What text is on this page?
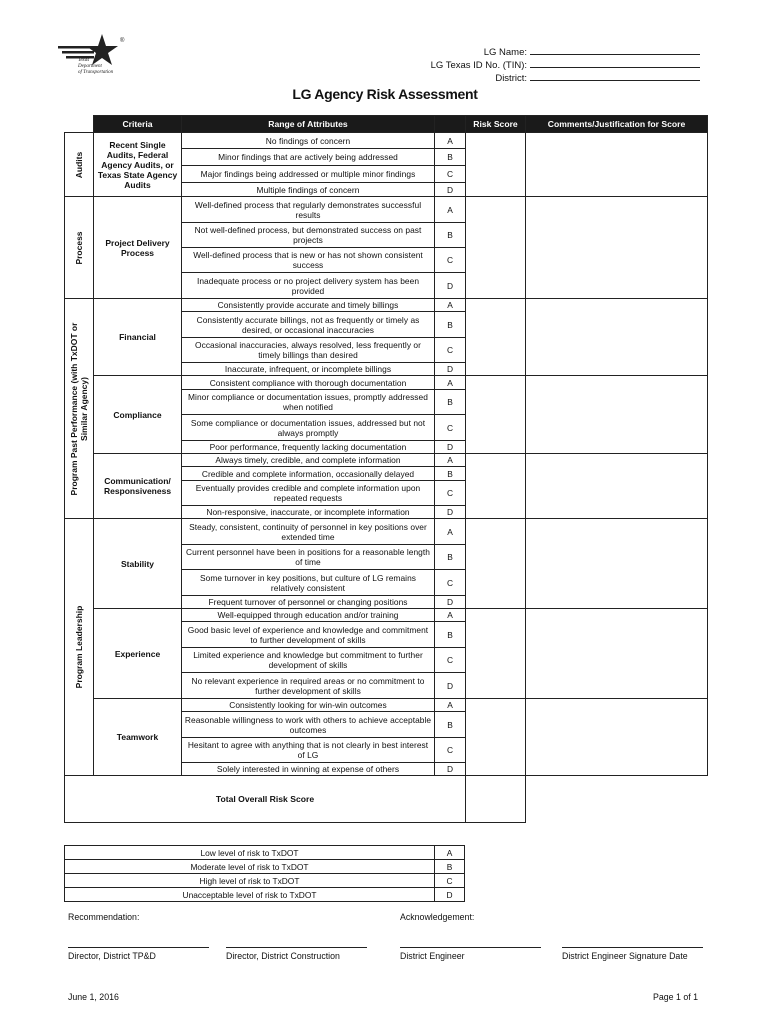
®
Texas
Department
of Transportation
LG Name:
LG Texas ID No. (TIN):
District:
LG Agency Risk Assessment
	Criteria	Range of Attributes		Risk Score	Comments/Justification for Score

Audits	Recent Single Audits, Federal Agency Audits, or Texas State Agency Audits	No findings of concern	A		
		Minor findings that are actively being addressed	B		
		Major findings being addressed or multiple minor findings	C		
		Multiple findings of concern	D		

Process	Project Delivery Process	Well-defined process that regularly demonstrates successful results	A		
		Not well-defined process, but demonstrated success on past projects	B		
		Well-defined process that is new or has not shown consistent success	C		
		Inadequate process or no project delivery system has been provided	D		

Program Past Performance (with TxDOT or Similar Agency)	Financial	Consistently provide accurate and timely billings	A		
		Consistently accurate billings, not as frequently or timely as desired, or occasional inaccuracies	B		
		Occasional inaccuracies, always resolved, less frequently or timely billings than desired	C		
		Inaccurate, infrequent, or incomplete billings	D		
	Compliance	Consistent compliance with thorough documentation	A		
		Minor compliance or documentation issues, promptly addressed when notified	B		
		Some compliance or documentation issues, addressed but not always promptly	C		
		Poor performance, frequently lacking documentation	D		
	Communication/ Responsiveness	Always timely, credible, and complete information	A		
		Credible and complete information, occasionally delayed	B		
		Eventually provides credible and complete information upon repeated requests	C		
		Non-responsive, inaccurate, or incomplete information	D		

Program Leadership	Stability	Steady, consistent, continuity of personnel in key positions over extended time	A		
		Current personnel have been in positions for a reasonable length of time	B		
		Some turnover in key positions, but culture of LG remains relatively consistent	C		
		Frequent turnover of personnel or changing positions	D		
	Experience	Well-equipped through education and/or training	A		
		Good basic level of experience and knowledge and commitment to further development of skills	B		
		Limited experience and knowledge but commitment to further development of skills	C		
		No relevant experience in required areas or no commitment to further development of skills	D		
	Teamwork	Consistently looking for win-win outcomes	A		
		Reasonable willingness to work with others to achieve acceptable outcomes	B		
		Hesitant to agree with anything that is not clearly in best interest of LG	C		
		Solely interested in winning at expense of others	D		
Total Overall Risk Score					
Low level of risk to TxDOT	A
Moderate level of risk to TxDOT	B
High level of risk to TxDOT	C
Unacceptable level of risk to TxDOT	D
Recommendation:	Acknowledgement:
Director, District TP&D	Director, District Construction	District Engineer	District Engineer Signature Date
June 1, 2016	Page 1 of 1
